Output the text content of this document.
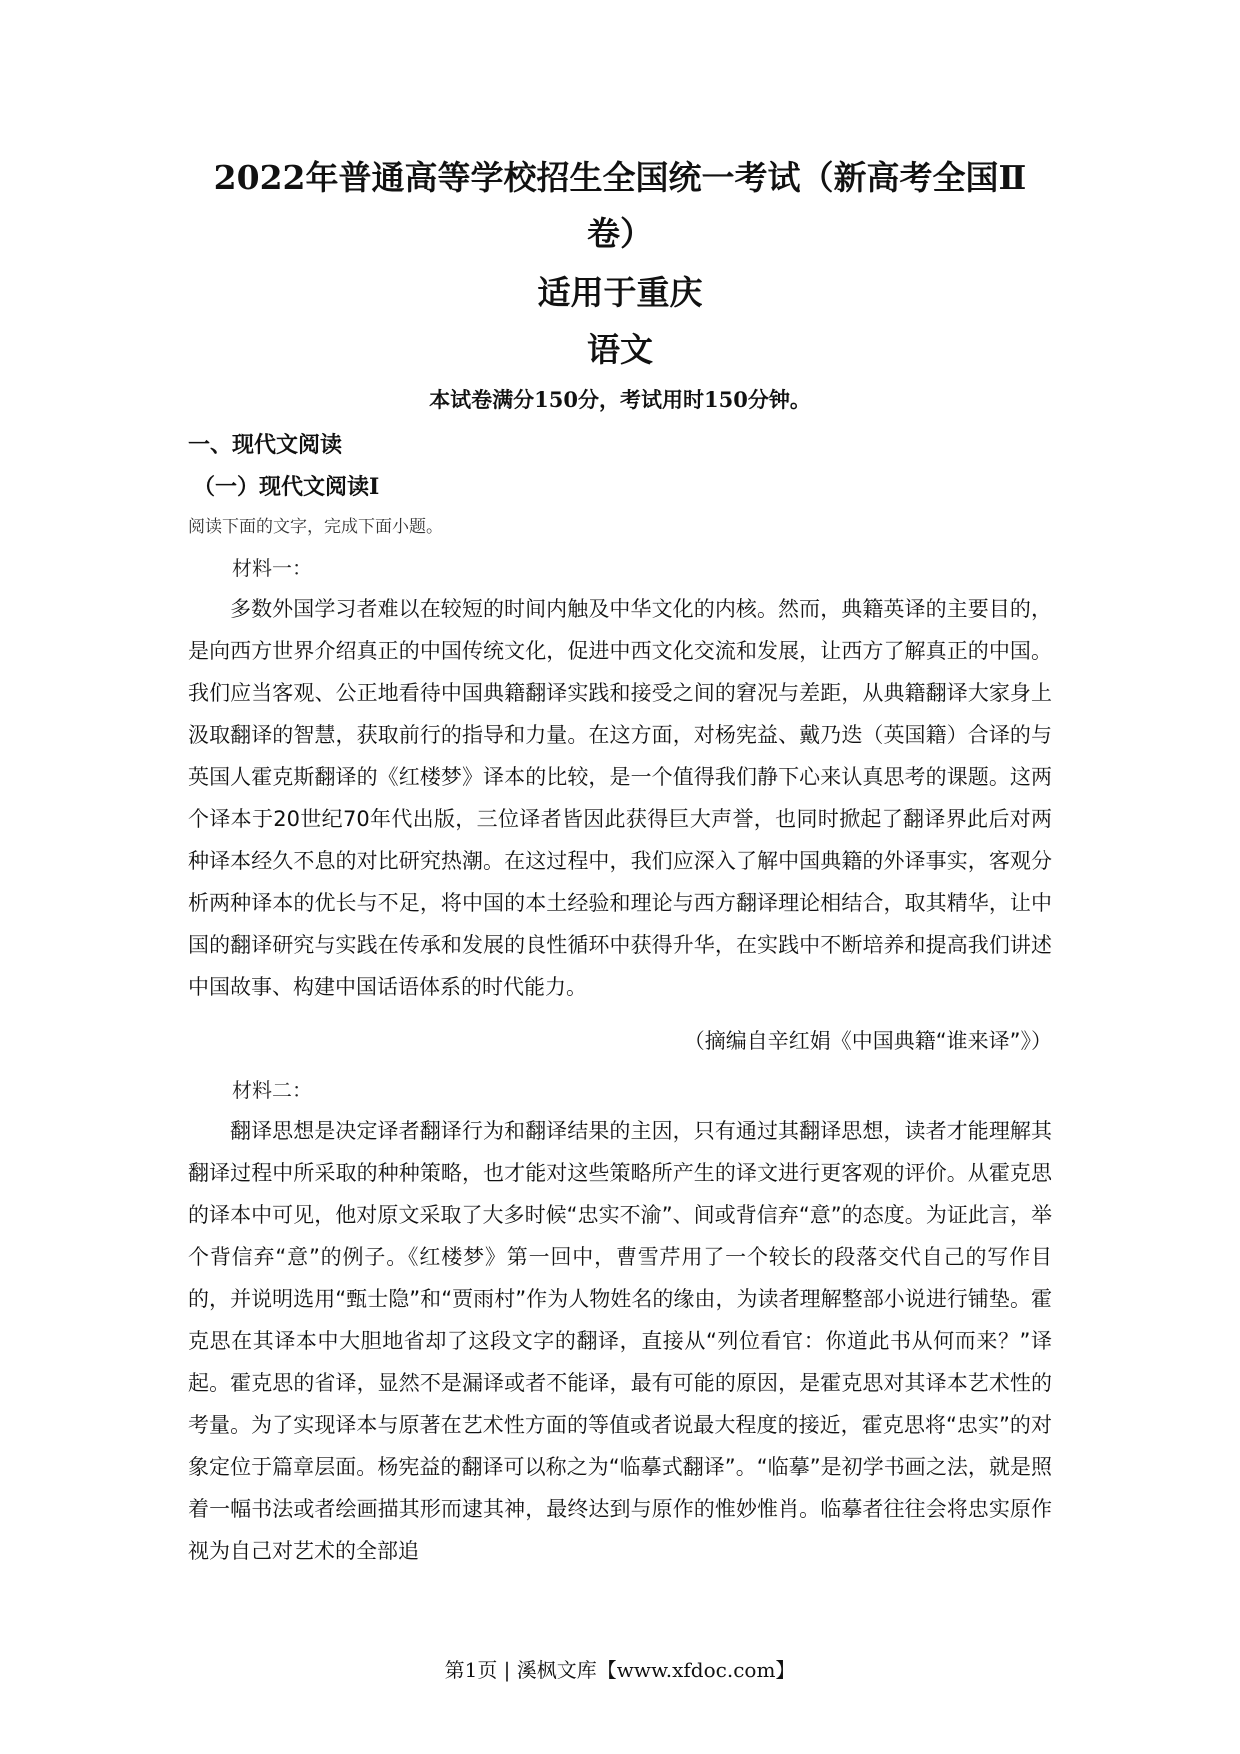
2022年普通高等学校招生全国统一考试（新高考全国Ⅱ
卷）
适用于重庆
语文
本试卷满分150分，考试用时150分钟。
一、现代文阅读
（一）现代文阅读Ⅰ
阅读下面的文字，完成下面小题。
材料一：

多数外国学习者难以在较短的时间内触及中华文化的内核。然而，典籍英译的主要目的，是向西方世界介绍真正的中国传统文化，促进中西文化交流和发展，让西方了解真正的中国。我们应当客观、公正地看待中国典籍翻译实践和接受之间的窘况与差距，从典籍翻译大家身上汲取翻译的智慧，获取前行的指导和力量。在这方面，对杨宪益、戴乃迭（英国籍）合译的与英国人霍克斯翻译的《红楼梦》译本的比较，是一个值得我们静下心来认真思考的课题。这两个译本于20世纪70年代出版，三位译者皆因此获得巨大声誉，也同时掀起了翻译界此后对两种译本经久不息的对比研究热潮。在这过程中，我们应深入了解中国典籍的外译事实，客观分析两种译本的优长与不足，将中国的本土经验和理论与西方翻译理论相结合，取其精华，让中国的翻译研究与实践在传承和发展的良性循环中获得升华，在实践中不断培养和提高我们讲述中国故事、构建中国话语体系的时代能力。

（摘编自辛红娟《中国典籍“谁来译”》）
材料二：

翻译思想是决定译者翻译行为和翻译结果的主因，只有通过其翻译思想，读者才能理解其翻译过程中所采取的种种策略，也才能对这些策略所产生的译文进行更客观的评价。从霍克思的译本中可见，他对原文采取了大多时候“忠实不渝”、间或背信弃“意”的态度。为证此言，举个背信弃“意”的例子。《红楼梦》第一回中，曹雪芹用了一个较长的段落交代自己的写作目的，并说明选用“甄士隐”和“贾雨村”作为人物姓名的缘由，为读者理解整部小说进行铺垫。霍克思在其译本中大胆地省却了这段文字的翻译，直接从“列位看官：你道此书从何而来？”译起。霍克思的省译，显然不是漏译或者不能译，最有可能的原因，是霍克思对其译本艺术性的考量。为了实现译本与原著在艺术性方面的等值或者说最大程度的接近，霍克思将“忠实”的对象定位于篇章层面。杨宪益的翻译可以称之为“临摹式翻译”。“临摹”是初学书画之法，就是照着一幅书法或者绘画描其形而逮其神，最终达到与原作的惟妙惟肖。临摹者往往会将忠实原作视为自己对艺术的全部追

第1页 | 溪枫文库【www.xfdoc.com】
